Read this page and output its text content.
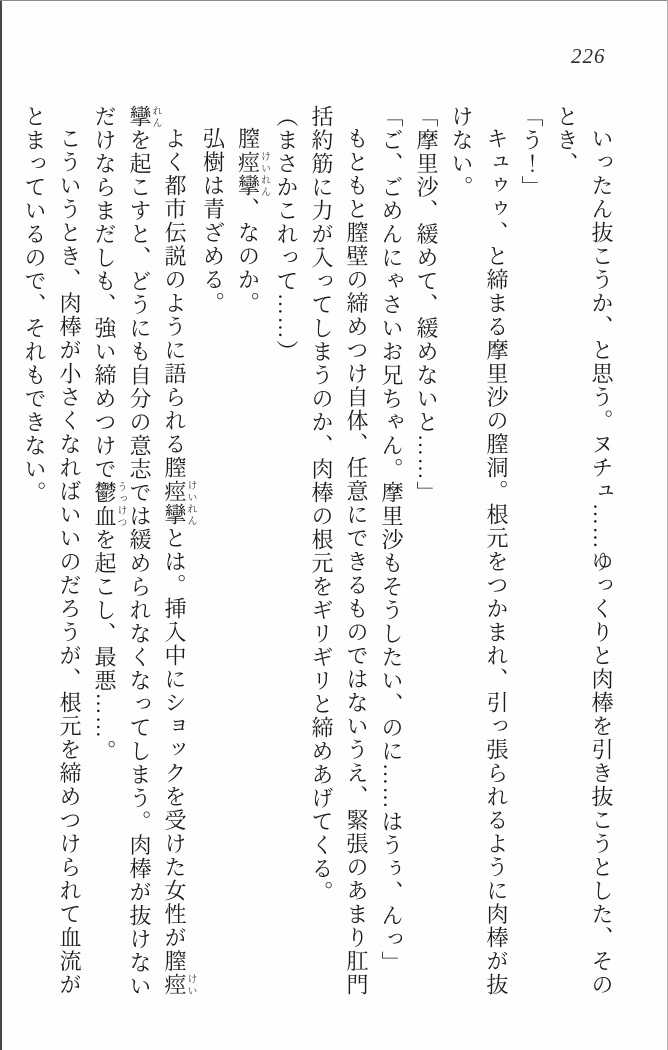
226

いったん抜こうか、と思う。ヌチュ……ゆっくりと肉棒を引き抜こうとした、そのとき、

「う！」

キュゥゥ、と締まる摩里沙の膣洞。根元をつかまれ、引っ張られるように肉棒が抜けない。

「摩里沙、緩めて、緩めないと……」

「ご、ごめんにゃさいお兄ちゃん。摩里沙もそうしたい、のに……はうぅ、んっ」

もともと膣壁の締めつけ自体、任意にできるものではないうえ、緊張のあまり肛門括約筋に力が入ってしまうのか、肉棒の根元をギリギリと締めあげてくる。

（まさかこれって……）

膣痙けい攣れん、なのか。

弘樹は青ざめる。

よく都市伝説のように語られる膣痙けい攣れんとは。挿入中にショックを受けた女性が膣痙けい攣れんを起こすと、どうにも自分の意志では緩められなくなってしまう。肉棒が抜けないだけならまだしも、強い締めつけで鬱うっ血けつを起こし、最悪……。

こういうとき、肉棒が小さくなればいいのだろうが、根元を締めつけられて血流がとまっているので、それもできない。
